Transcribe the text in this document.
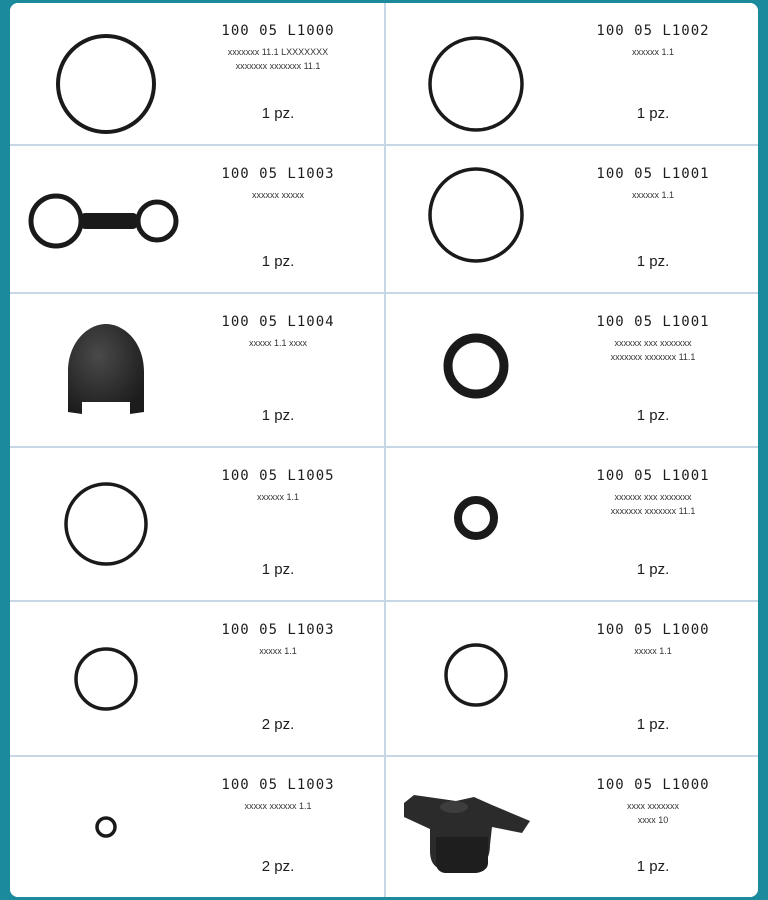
100 05 L1000
xxxxxxx 11.1 LXXXXXXX
xxxxxxx xxxxxxx 11.1
1 pz.
100 05 L1002
xxxxxx 1.1
1 pz.
100 05 L1003
xxxxxx xxxxx
1 pz.
100 05 L1001
xxxxxx 1.1
1 pz.
100 05 L1004
xxxxx 1.1 xxxx
1 pz.
100 05 L1001
xxxxxx xxx xxxxxxx
xxxxxxx xxxxxxx 11.1
1 pz.
100 05 L1005
xxxxxx 1.1
1 pz.
100 05 L1001
xxxxxx xxx xxxxxxx
xxxxxxx xxxxxxx 11.1
1 pz.
100 05 L1003
xxxxx 1.1
2 pz.
100 05 L1000
xxxxx 1.1
1 pz.
100 05 L1003
xxxxx xxxxxx 1.1
2 pz.
100 05 L1000
xxxx xxxxxxx
xxxx 10
1 pz.
